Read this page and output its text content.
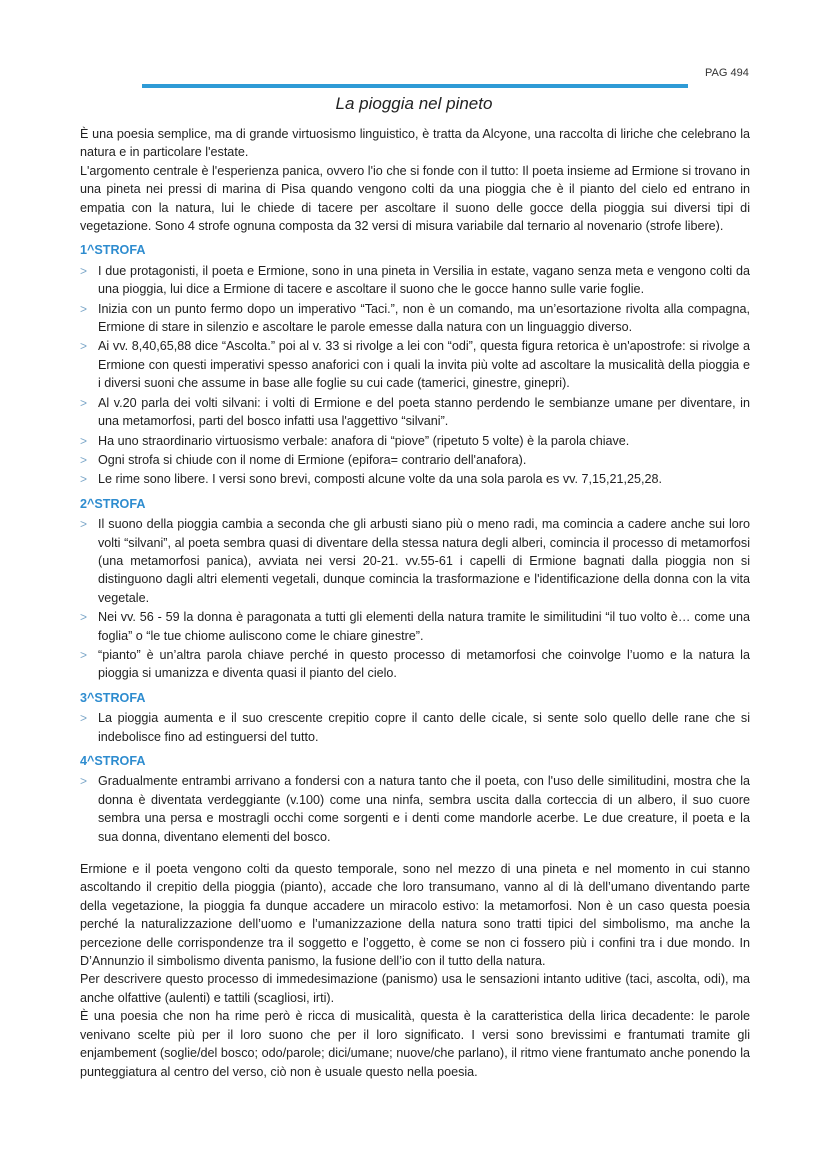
PAG 494
La pioggia nel pineto

È una poesia semplice, ma di grande virtuosismo linguistico, è tratta da Alcyone, una raccolta di liriche che celebrano la natura e in particolare l'estate.

L'argomento centrale è l'esperienza panica, ovvero l'io che si fonde con il tutto: Il poeta insieme ad Ermione si trovano in una pineta nei pressi di marina di Pisa quando vengono colti da una pioggia che è il pianto del cielo ed entrano in empatia con la natura, lui le chiede di tacere per ascoltare il suono delle gocce della pioggia sui diversi tipi di vegetazione. Sono 4 strofe ognuna composta da 32 versi di misura variabile dal ternario al novenario (strofe libere).

1^STROFA
> I due protagonisti, il poeta e Ermione, sono in una pineta in Versilia in estate, vagano senza meta e vengono colti da una pioggia, lui dice a Ermione di tacere e ascoltare il suono che le gocce hanno sulle varie foglie.
> Inizia con un punto fermo dopo un imperativo “Taci.”, non è un comando, ma un’esortazione rivolta alla compagna, Ermione di stare in silenzio e ascoltare le parole emesse dalla natura con un linguaggio diverso.
> Ai vv. 8,40,65,88 dice “Ascolta.” poi al v. 33 si rivolge a lei con “odi”, questa figura retorica è un'apostrofe: si rivolge a Ermione con questi imperativi spesso anaforici con i quali la invita più volte ad ascoltare la musicalità della pioggia e i diversi suoni che assume in base alle foglie su cui cade (tamerici, ginestre, ginepri).
> Al v.20 parla dei volti silvani: i volti di Ermione e del poeta stanno perdendo le sembianze umane per diventare, in una metamorfosi, parti del bosco infatti usa l'aggettivo “silvani”.
> Ha uno straordinario virtuosismo verbale: anafora di “piove” (ripetuto 5 volte) è la parola chiave.
> Ogni strofa si chiude con il nome di Ermione (epifora= contrario dell'anafora).
> Le rime sono libere. I versi sono brevi, composti alcune volte da una sola parola es vv. 7,15,21,25,28.
2^STROFA
> Il suono della pioggia cambia a seconda che gli arbusti siano più o meno radi, ma comincia a cadere anche sui loro volti “silvani”, al poeta sembra quasi di diventare della stessa natura degli alberi, comincia il processo di metamorfosi (una metamorfosi panica), avviata nei versi 20-21. vv.55-61 i capelli di Ermione bagnati dalla pioggia non si distinguono dagli altri elementi vegetali, dunque comincia la trasformazione e l'identificazione della donna con la vita vegetale.
> Nei vv. 56 - 59 la donna è paragonata a tutti gli elementi della natura tramite le similitudini “il tuo volto è… come una foglia” o “le tue chiome auliscono come le chiare ginestre”.
> “pianto” è un’altra parola chiave perché in questo processo di metamorfosi che coinvolge l’uomo e la natura la pioggia si umanizza e diventa quasi il pianto del cielo.
3^STROFA
> La pioggia aumenta e il suo crescente crepitio copre il canto delle cicale, si sente solo quello delle rane che si indebolisce fino ad estinguersi del tutto.
4^STROFA
> Gradualmente entrambi arrivano a fondersi con a natura tanto che il poeta, con l'uso delle similitudini, mostra che la donna è diventata verdeggiante (v.100) come una ninfa, sembra uscita dalla corteccia di un albero, il suo cuore sembra una persa e mostragli occhi come sorgenti e i denti come mandorle acerbe. Le due creature, il poeta e la sua donna, diventano elementi del bosco.

Ermione e il poeta vengono colti da questo temporale, sono nel mezzo di una pineta e nel momento in cui stanno ascoltando il crepitio della pioggia (pianto), accade che loro transumano, vanno al di là dell’umano diventando parte della vegetazione, la pioggia fa dunque accadere un miracolo estivo: la metamorfosi. Non è un caso questa poesia perché la naturalizzazione dell’uomo e l’umanizzazione della natura sono tratti tipici del simbolismo, ma anche la percezione delle corrispondenze tra il soggetto e l’oggetto, è come se non ci fossero più i confini tra i due mondo. In D’Annunzio il simbolismo diventa panismo, la fusione dell’io con il tutto della natura.

Per descrivere questo processo di immedesimazione (panismo) usa le sensazioni intanto uditive (taci, ascolta, odi), ma anche olfattive (aulenti) e tattili (scagliosi, irti).

È una poesia che non ha rime però è ricca di musicalità, questa è la caratteristica della lirica decadente: le parole venivano scelte più per il loro suono che per il loro significato. I versi sono brevissimi e frantumati tramite gli enjambement (soglie/del bosco; odo/parole; dici/umane; nuove/che parlano), il ritmo viene frantumato anche ponendo la punteggiatura al centro del verso, ciò non è usuale questo nella poesia.
